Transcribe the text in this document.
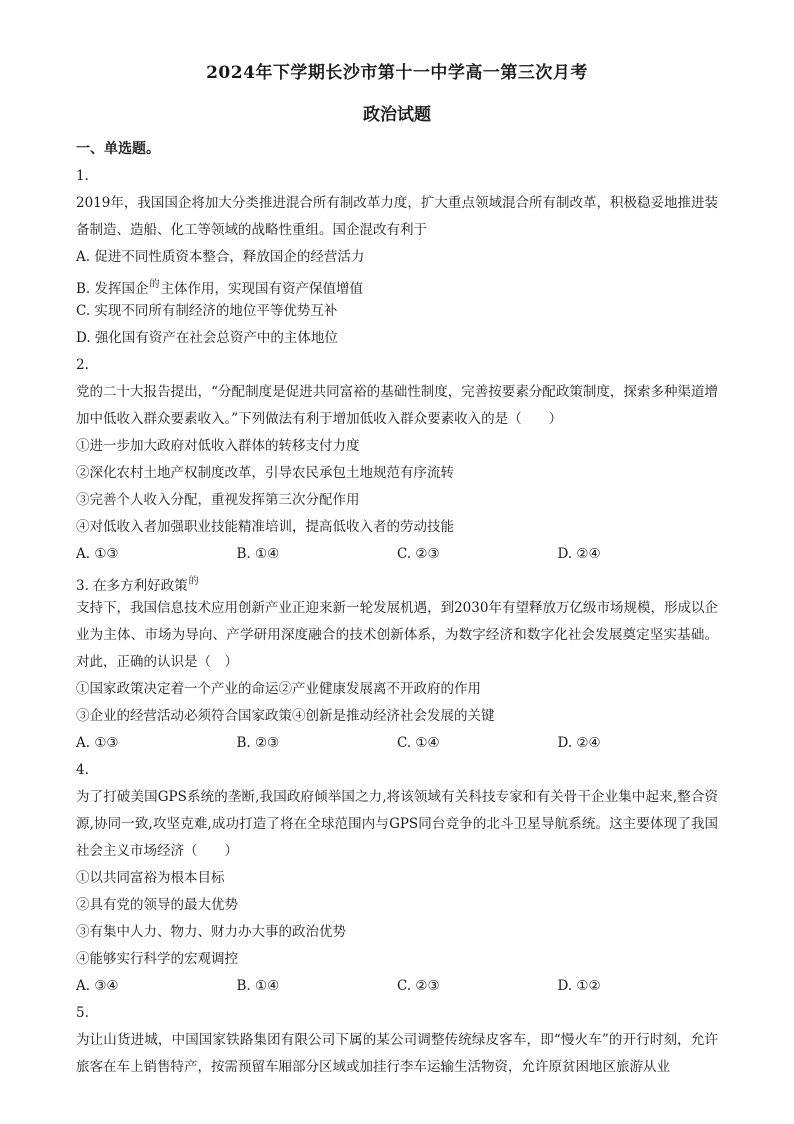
2024年下学期长沙市第十一中学高一第三次月考
政治试题
一、单选题。
1.
2019年，我国国企将加大分类推进混合所有制改革力度，扩大重点领域混合所有制改革，积极稳妥地推进装备制造、造船、化工等领域的战略性重组。国企混改有利于
A. 促进不同性质资本整合，释放国企的经营活力
B. 发挥国企$^的$主体作用，实现国有资产保值增值
C. 实现不同所有制经济的地位平等优势互补
D. 强化国有资产在社会总资产中的主体地位
2.
党的二十大报告提出，“分配制度是促进共同富裕的基础性制度，完善按要素分配政策制度，探索多种渠道增加中低收入群众要素收入。”下列做法有利于增加低收入群众要素收入的是（　　）
①进一步加大政府对低收入群体的转移支付力度
②深化农村土地产权制度改革，引导农民承包土地规范有序流转
③完善个人收入分配，重视发挥第三次分配作用
④对低收入者加强职业技能精准培训，提高低收入者的劳动技能
A. ①③	B. ①④	C. ②③	D. ②④
3. 在多方利好政策$^的$
支持下，我国信息技术应用创新产业正迎来新一轮发展机遇，到2030年有望释放万亿级市场规模，形成以企业为主体、市场为导向、产学研用深度融合的技术创新体系，为数字经济和数字化社会发展奠定坚实基础。对此，正确的认识是（　）
①国家政策决定着一个产业的命运②产业健康发展离不开政府的作用
③企业的经营活动必须符合国家政策④创新是推动经济社会发展的关键
A. ①③	B. ②③	C. ①④	D. ②④
4.
为了打破美国GPS系统的垄断,我国政府倾举国之力,将该领域有关科技专家和有关骨干企业集中起来,整合资源,协同一致,攻坚克难,成功打造了将在全球范围内与GPS同台竞争的北斗卫星导航系统。这主要体现了我国社会主义市场经济（　　）
①以共同富裕为根本目标
②具有党的领导的最大优势
③有集中人力、物力、财力办大事的政治优势
④能够实行科学的宏观调控
A. ③④	B. ①④	C. ②③	D. ①②
5.
为让山货进城，中国国家铁路集团有限公司下属的某公司调整传统绿皮客车，即“慢火车”的开行时刻，允许旅客在车上销售特产，按需预留车厢部分区域或加挂行李车运输生活物资，允许原贫困地区旅游从业
